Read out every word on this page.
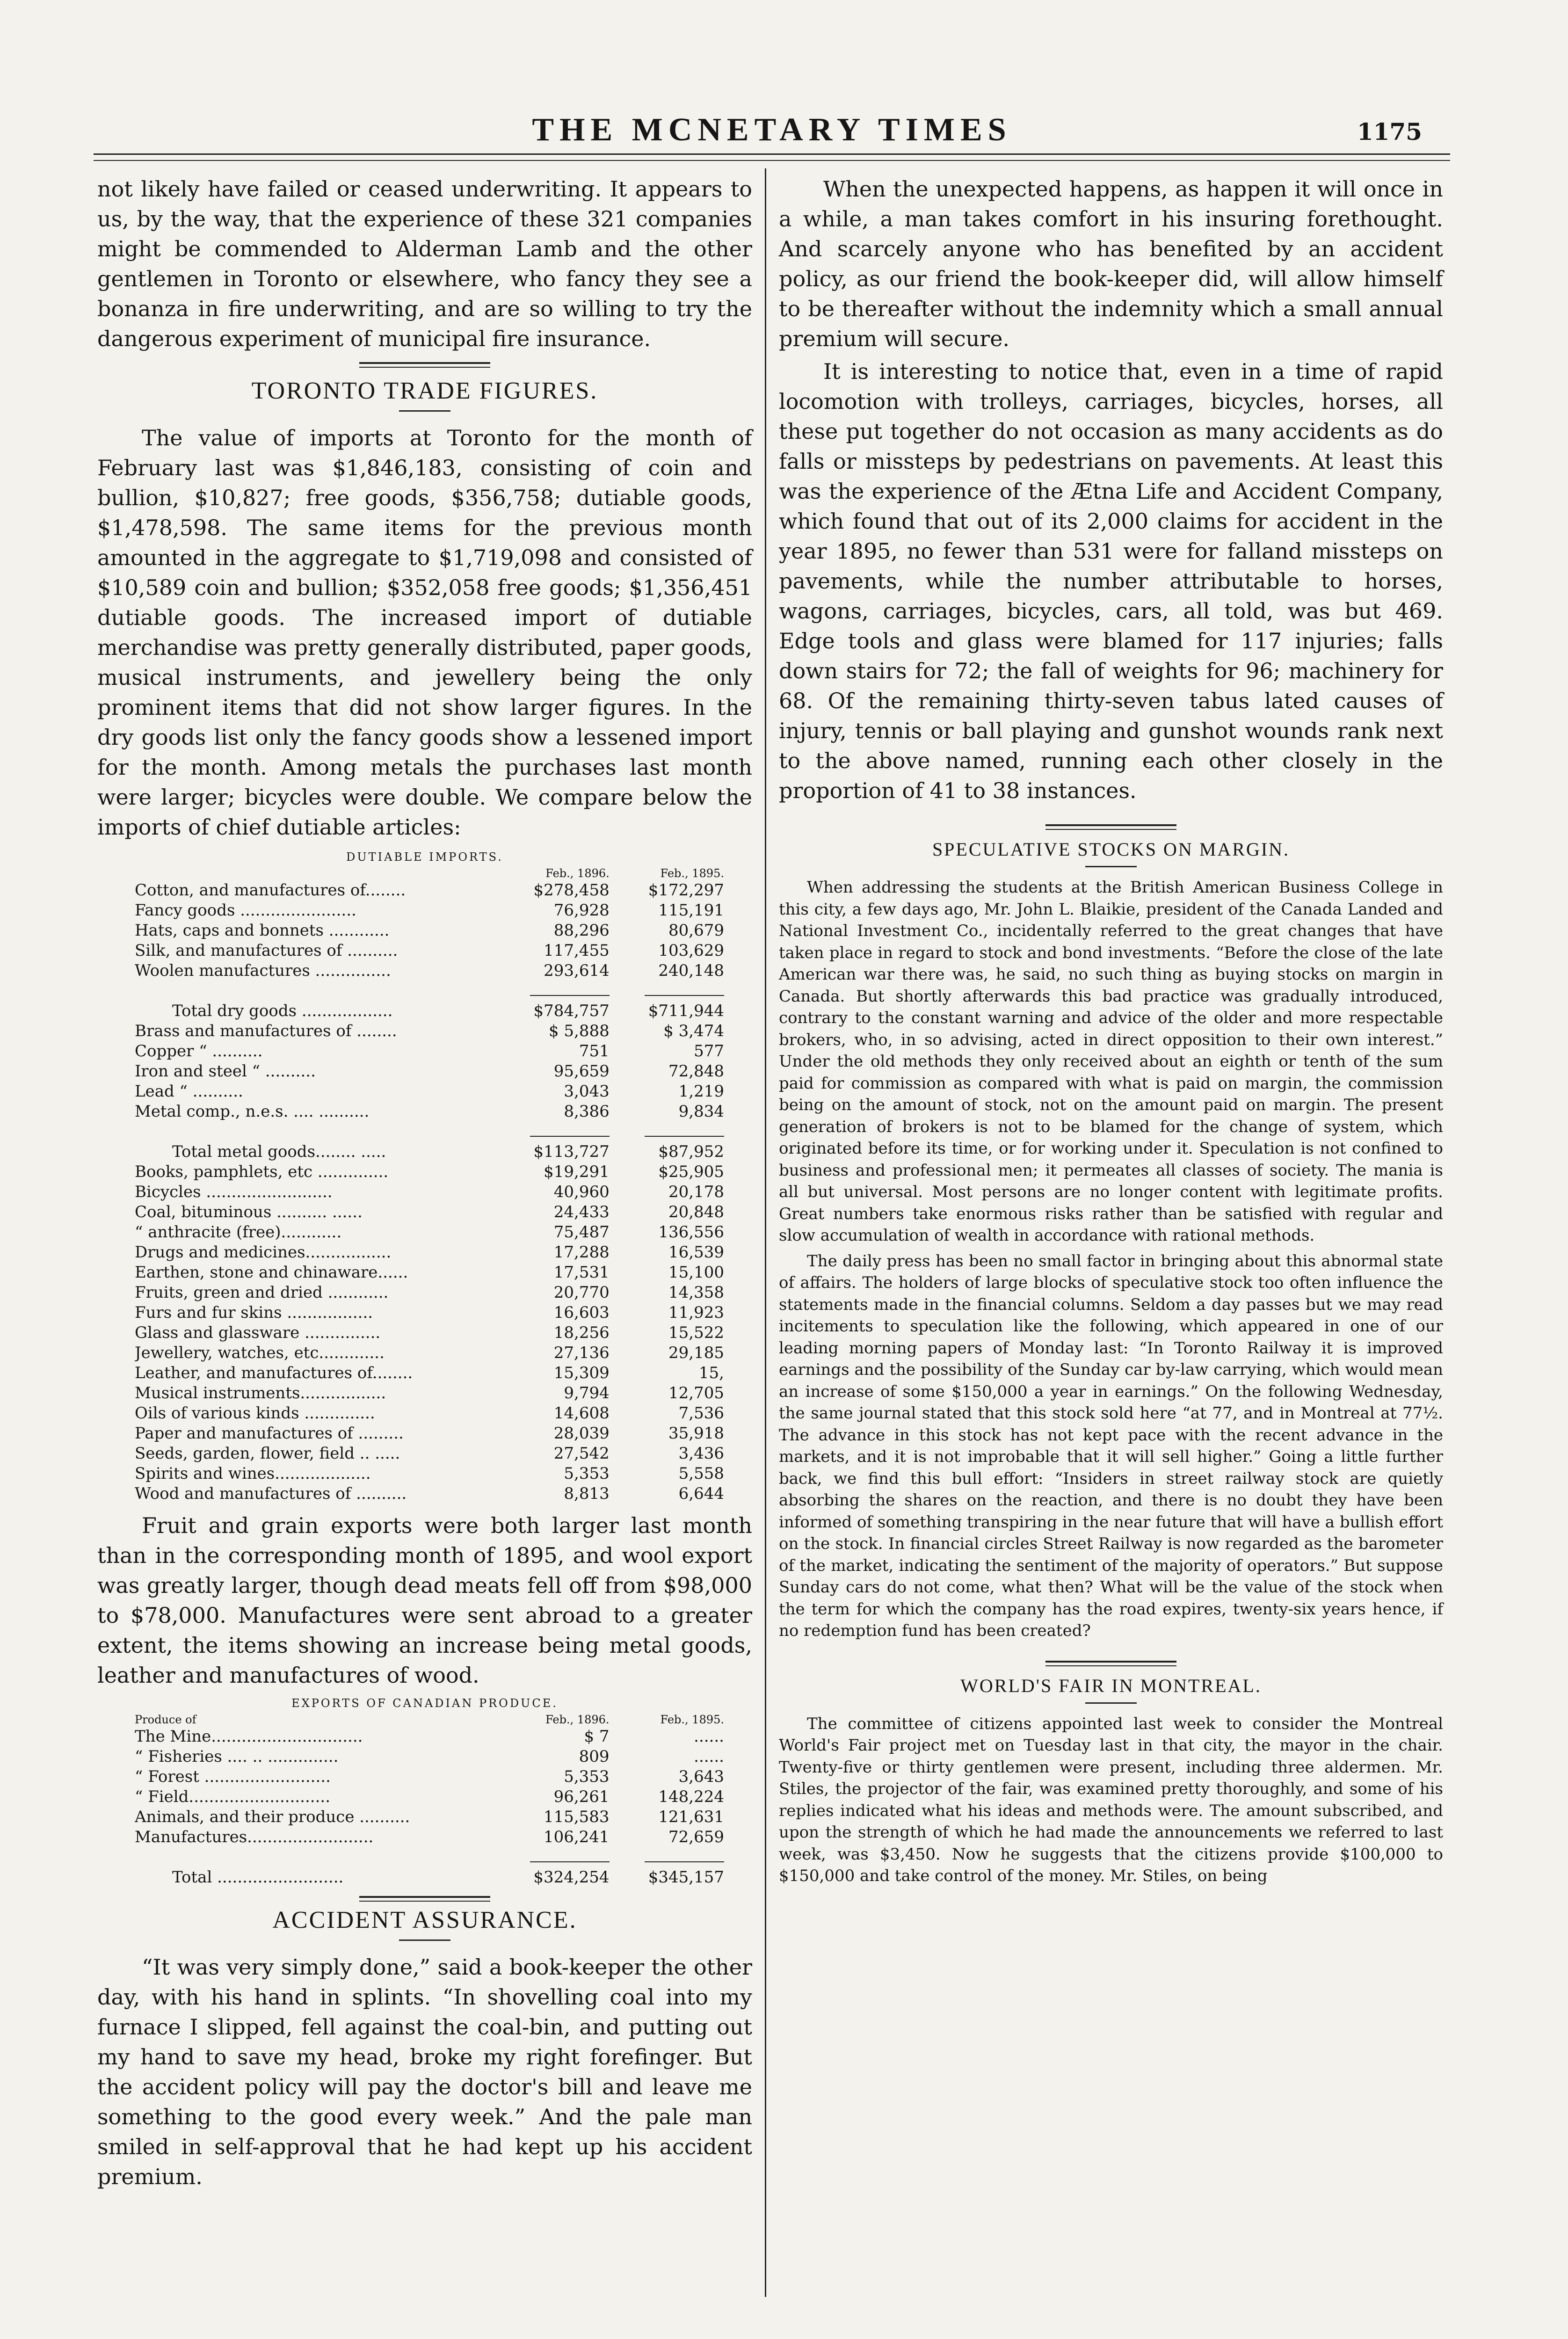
THE MCNETARY TIMES	1175

not likely have failed or ceased underwriting. It appears to us, by the way, that the experience of these 321 companies might be commended to Alderman Lamb and the other gentlemen in Toronto or elsewhere, who fancy they see a bonanza in fire underwriting, and are so willing to try the dangerous experiment of municipal fire insurance.

TORONTO TRADE FIGURES.

The value of imports at Toronto for the month of February last was $1,846,183, consisting of coin and bullion, $10,827; free goods, $356,758; dutiable goods, $1,478,598. The same items for the previous month amounted in the aggregate to $1,719,098 and consisted of $10,589 coin and bullion; $352,058 free goods; $1,356,451 dutiable goods. The increased import of dutiable merchandise was pretty generally distributed, paper goods, musical instruments, and jewellery being the only prominent items that did not show larger figures. In the dry goods list only the fancy goods show a lessened import for the month. Among metals the purchases last month were larger; bicycles were double. We compare below the imports of chief dutiable articles:

DUTIABLE IMPORTS.
	Feb., 1896.	Feb., 1895.
Cotton, and manufactures of........	$278,458	$172,297
Fancy goods .......................	76,928	115,191
Hats, caps and bonnets ............	88,296	80,679
Silk, and manufactures of ..........	117,455	103,629
Woolen manufactures ...............	293,614	240,148

Total dry goods ..................	$784,757	$711,944
Brass and manufactures of ........	$ 5,888	$ 3,474
Copper “ ..........	751	577
Iron and steel “ ..........	95,659	72,848
Lead “ ..........	3,043	1,219
Metal comp., n.e.s. .... ..........	8,386	9,834

Total metal goods........ .....	$113,727	$87,952
Books, pamphlets, etc ..............	$19,291	$25,905
Bicycles .........................	40,960	20,178
Coal, bituminous .......... ......	24,433	20,848
“ anthracite (free)............	75,487	136,556
Drugs and medicines.................	17,288	16,539
Earthen, stone and chinaware......	17,531	15,100
Fruits, green and dried ............	20,770	14,358
Furs and fur skins .................	16,603	11,923
Glass and glassware ...............	18,256	15,522
Jewellery, watches, etc.............	27,136	29,185
Leather, and manufactures of........	15,309	15,
Musical instruments.................	9,794	12,705
Oils of various kinds ..............	14,608	7,536
Paper and manufactures of .........	28,039	35,918
Seeds, garden, flower, field .. .....	27,542	3,436
Spirits and wines...................	5,353	5,558
Wood and manufactures of ..........	8,813	6,644

Fruit and grain exports were both larger last month than in the corresponding month of 1895, and wool export was greatly larger, though dead meats fell off from $98,000 to $78,000. Manufactures were sent abroad to a greater extent, the items showing an increase being metal goods, leather and manufactures of wood.

EXPORTS OF CANADIAN PRODUCE.
Produce of	Feb., 1896.	Feb., 1895.
The Mine..............................	$ 7	......
“ Fisheries .... .. ..............	809	......
“ Forest .........................	5,353	3,643
“ Field............................	96,261	148,224
Animals, and their produce ..........	115,583	121,631
Manufactures.........................	106,241	72,659

Total .........................	$324,254	$345,157
ACCIDENT ASSURANCE.

“It was very simply done,” said a book-keeper the other day, with his hand in splints. “In shovelling coal into my furnace I slipped, fell against the coal-bin, and putting out my hand to save my head, broke my right forefinger. But the accident policy will pay the doctor's bill and leave me something to the good every week.” And the pale man smiled in self-approval that he had kept up his accident premium.

When the unexpected happens, as happen it will once in a while, a man takes comfort in his insuring forethought. And scarcely anyone who has benefited by an accident policy, as our friend the book-keeper did, will allow himself to be thereafter without the indemnity which a small annual premium will secure.

It is interesting to notice that, even in a time of rapid locomotion with trolleys, carriages, bicycles, horses, all these put together do not occasion as many accidents as do falls or missteps by pedestrians on pavements. At least this was the experience of the Ætna Life and Accident Company, which found that out of its 2,000 claims for accident in the year 1895, no fewer than 531 were for falland missteps on pavements, while the number attributable to horses, wagons, carriages, bicycles, cars, all told, was but 469. Edge tools and glass were blamed for 117 injuries; falls down stairs for 72; the fall of weights for 96; machinery for 68. Of the remaining thirty-seven tabus lated causes of injury, tennis or ball playing and gunshot wounds rank next to the above named, running each other closely in the proportion of 41 to 38 instances.

SPECULATIVE STOCKS ON MARGIN.

When addressing the students at the British American Business College in this city, a few days ago, Mr. John L. Blaikie, president of the Canada Landed and National Investment Co., incidentally referred to the great changes that have taken place in regard to stock and bond investments. “Before the close of the late American war there was, he said, no such thing as buying stocks on margin in Canada. But shortly afterwards this bad practice was gradually introduced, contrary to the constant warning and advice of the older and more respectable brokers, who, in so advising, acted in direct opposition to their own interest.” Under the old methods they only received about an eighth or tenth of the sum paid for commission as compared with what is paid on margin, the commission being on the amount of stock, not on the amount paid on margin. The present generation of brokers is not to be blamed for the change of system, which originated before its time, or for working under it. Speculation is not confined to business and professional men; it permeates all classes of society. The mania is all but universal. Most persons are no longer content with legitimate profits. Great numbers take enormous risks rather than be satisfied with regular and slow accumulation of wealth in accordance with rational methods.

The daily press has been no small factor in bringing about this abnormal state of affairs. The holders of large blocks of speculative stock too often influence the statements made in the financial columns. Seldom a day passes but we may read incitements to speculation like the following, which appeared in one of our leading morning papers of Monday last: “In Toronto Railway it is improved earnings and the possibility of the Sunday car by-law carrying, which would mean an increase of some $150,000 a year in earnings.” On the following Wednesday, the same journal stated that this stock sold here “at 77, and in Montreal at 77½. The advance in this stock has not kept pace with the recent advance in the markets, and it is not improbable that it will sell higher.” Going a little further back, we find this bull effort: “Insiders in street railway stock are quietly absorbing the shares on the reaction, and there is no doubt they have been informed of something transpiring in the near future that will have a bullish effort on the stock. In financial circles Street Railway is now regarded as the barometer of the market, indicating the sentiment of the majority of operators.” But suppose Sunday cars do not come, what then? What will be the value of the stock when the term for which the company has the road expires, twenty-six years hence, if no redemption fund has been created?

WORLD'S FAIR IN MONTREAL.

The committee of citizens appointed last week to consider the Montreal World's Fair project met on Tuesday last in that city, the mayor in the chair. Twenty-five or thirty gentlemen were present, including three aldermen. Mr. Stiles, the projector of the fair, was examined pretty thoroughly, and some of his replies indicated what his ideas and methods were. The amount subscribed, and upon the strength of which he had made the announcements we referred to last week, was $3,450. Now he suggests that the citizens provide $100,000 to $150,000 and take control of the money. Mr. Stiles, on being
